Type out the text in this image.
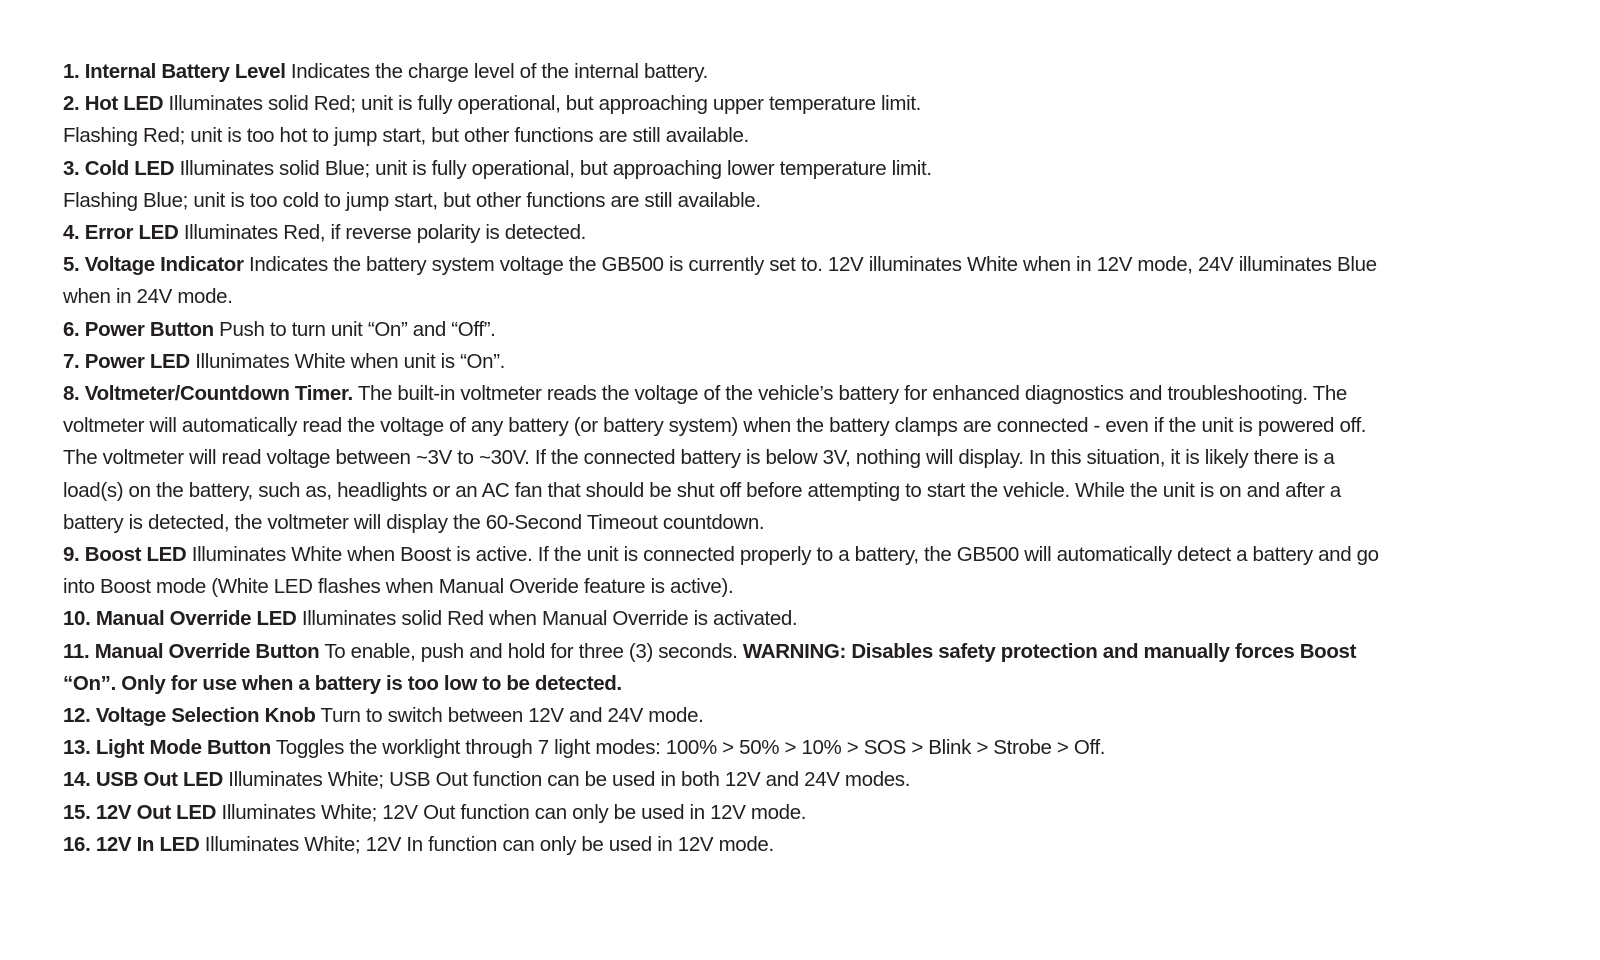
1. Internal Battery Level Indicates the charge level of the internal battery.

2. Hot LED Illuminates solid Red; unit is fully operational, but approaching upper temperature limit.

Flashing Red; unit is too hot to jump start, but other functions are still available.

3. Cold LED Illuminates solid Blue; unit is fully operational, but approaching lower temperature limit.

Flashing Blue; unit is too cold to jump start, but other functions are still available.

4. Error LED Illuminates Red, if reverse polarity is detected.

5. Voltage Indicator Indicates the battery system voltage the GB500 is currently set to. 12V illuminates White when in 12V mode, 24V illuminates Blue

when in 24V mode.

6. Power Button Push to turn unit “On” and “Off”.

7. Power LED Illunimates White when unit is “On”.

8. Voltmeter/Countdown Timer. The built-in voltmeter reads the voltage of the vehicle’s battery for enhanced diagnostics and troubleshooting. The

voltmeter will automatically read the voltage of any battery (or battery system) when the battery clamps are connected - even if the unit is powered off.

The voltmeter will read voltage between ~3V to ~30V. If the connected battery is below 3V, nothing will display. In this situation, it is likely there is a

load(s) on the battery, such as, headlights or an AC fan that should be shut off before attempting to start the vehicle. While the unit is on and after a

battery is detected, the voltmeter will display the 60-Second Timeout countdown.

9. Boost LED Illuminates White when Boost is active. If the unit is connected properly to a battery, the GB500 will automatically detect a battery and go

into Boost mode (White LED flashes when Manual Overide feature is active).

10. Manual Override LED Illuminates solid Red when Manual Override is activated.

11. Manual Override Button To enable, push and hold for three (3) seconds. WARNING: Disables safety protection and manually forces Boost

“On”. Only for use when a battery is too low to be detected.

12. Voltage Selection Knob Turn to switch between 12V and 24V mode.

13. Light Mode Button Toggles the worklight through 7 light modes: 100% > 50% > 10% > SOS > Blink > Strobe > Off.

14. USB Out LED Illuminates White; USB Out function can be used in both 12V and 24V modes.

15. 12V Out LED Illuminates White; 12V Out function can only be used in 12V mode.

16. 12V In LED Illuminates White; 12V In function can only be used in 12V mode.
